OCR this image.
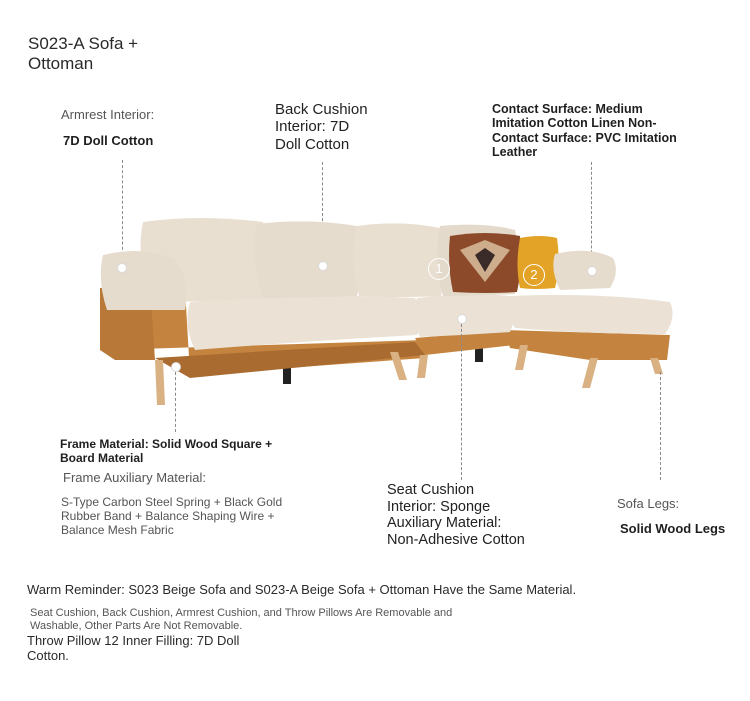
S023-A Sofa + Ottoman
Armrest Interior:
7D Doll Cotton
Back Cushion Interior: 7D Doll Cotton
Contact Surface: Medium Imitation Cotton Linen Non-Contact Surface: PVC Imitation Leather
1	2
Frame Material: Solid Wood Square + Board Material
Frame Auxiliary Material:
S-Type Carbon Steel Spring + Black Gold Rubber Band + Balance Shaping Wire + Balance Mesh Fabric
Seat Cushion Interior: Sponge Auxiliary Material: Non-Adhesive Cotton
Sofa Legs:
Solid Wood Legs
Warm Reminder: S023 Beige Sofa and S023-A Beige Sofa + Ottoman Have the Same Material.
Seat Cushion, Back Cushion, Armrest Cushion, and Throw Pillows Are Removable and Washable, Other Parts Are Not Removable.
Throw Pillow 12 Inner Filling: 7D Doll Cotton.
